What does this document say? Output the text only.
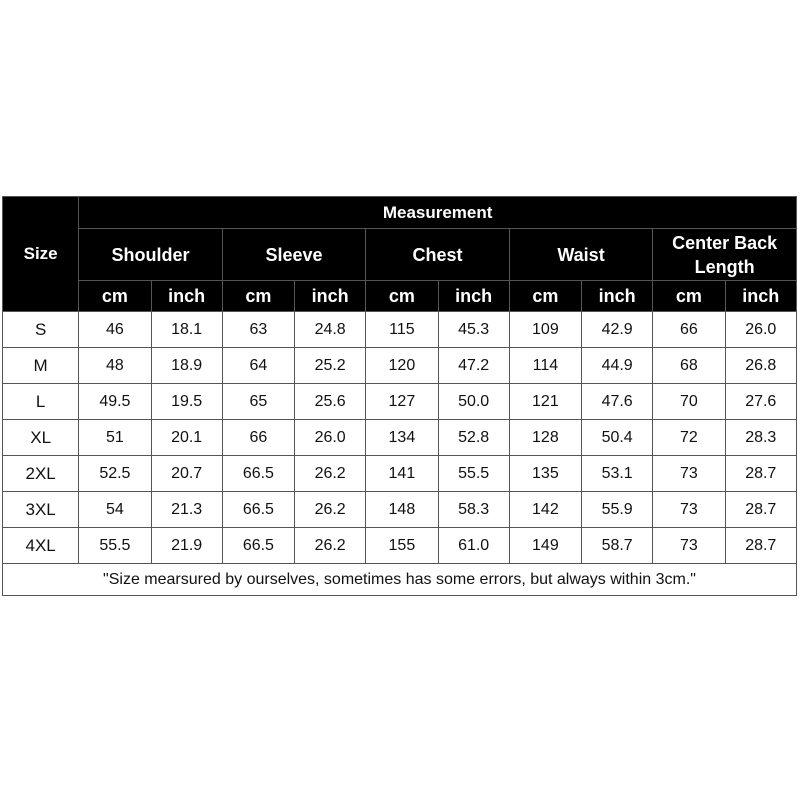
Size	Measurement									
	Shoulder		Sleeve		Chest		Waist		Center Back Length	
	cm	inch	cm	inch	cm	inch	cm	inch	cm	inch
S	46	18.1	63	24.8	115	45.3	109	42.9	66	26.0
M	48	18.9	64	25.2	120	47.2	114	44.9	68	26.8
L	49.5	19.5	65	25.6	127	50.0	121	47.6	70	27.6
XL	51	20.1	66	26.0	134	52.8	128	50.4	72	28.3
2XL	52.5	20.7	66.5	26.2	141	55.5	135	53.1	73	28.7
3XL	54	21.3	66.5	26.2	148	58.3	142	55.9	73	28.7
4XL	55.5	21.9	66.5	26.2	155	61.0	149	58.7	73	28.7
"Size mearsured by ourselves, sometimes has some errors, but always within 3cm."										
